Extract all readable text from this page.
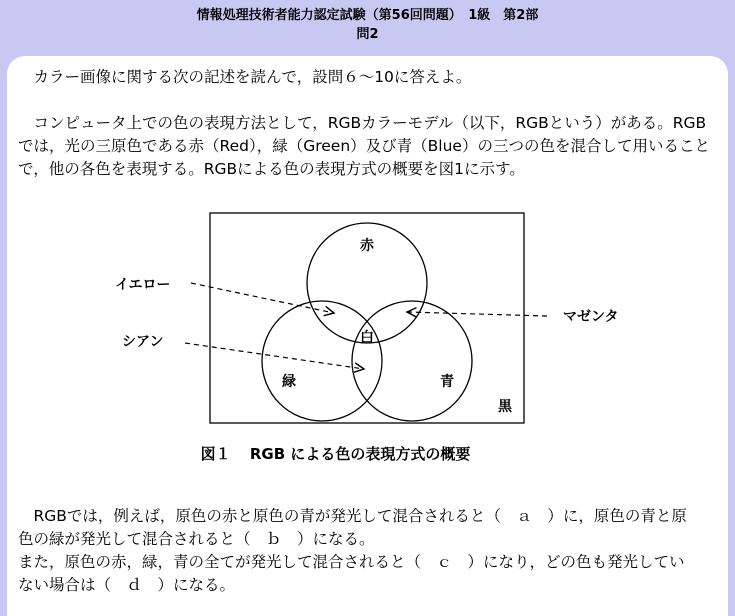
情報処理技術者能力認定試験（第56回問題）　1級　第2部
問2

カラー画像に関する次の記述を読んで，設問６～10に答えよ。

コンピュータ上での色の表現方法として，RGBカラーモデル（以下，RGBという）がある。RGBでは，光の三原色である赤（Red），緑（Green）及び青（Blue）の三つの色を混合して用いることで，他の各色を表現する。RGBによる色の表現方式の概要を図1に示す。

赤
緑	青
白
黒
イエロー
シアン
マゼンタ
図１ RGB による色の表現方式の概要

RGBでは，例えば，原色の赤と原色の青が発光して混合されると（　ａ　）に，原色の青と原
色の緑が発光して混合されると（　ｂ　）になる。
また，原色の赤，緑，青の全てが発光して混合されると（　ｃ　）になり，どの色も発光してい
ない場合は（　ｄ　）になる。
